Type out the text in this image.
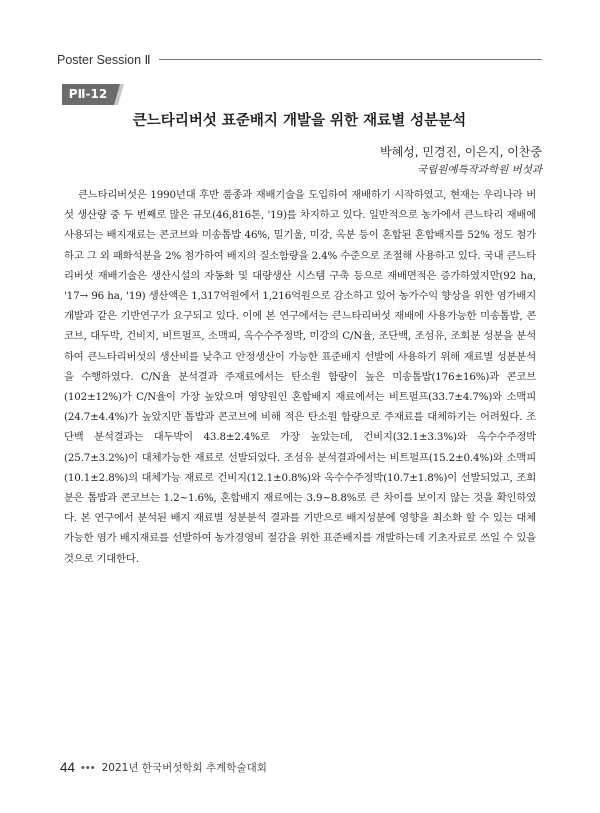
Poster Session Ⅱ
PⅡ-12
큰느타리버섯 표준배지 개발을 위한 재료별 성분분석
박혜성, 민경진, 이은지, 이찬중
국립원예특작과학원 버섯과

큰느타리버섯은 1990년대 후반 품종과 재배기술을 도입하여 재배하기 시작하였고, 현재는 우리나라 버섯 생산량 중 두 번째로 많은 규모(46,816톤, '19)를 차지하고 있다. 일반적으로 농가에서 큰느타리 재배에 사용되는 배지재료는 콘코브와 미송톱밥 46%, 밀기울, 미강, 옥분 등이 혼합된 혼합배지를 52% 정도 첨가하고 그 외 패화석분을 2% 첨가하여 배지의 질소함량을 2.4% 수준으로 조절해 사용하고 있다. 국내 큰느타리버섯 재배기술은 생산시설의 자동화 및 대량생산 시스템 구축 등으로 재배면적은 증가하였지만(92 ha, '17→ 96 ha, '19) 생산액은 1,317억원에서 1,216억원으로 감소하고 있어 농가수익 향상을 위한 염가배지개발과 같은 기반연구가 요구되고 있다. 이에 본 연구에서는 큰느타리버섯 재배에 사용가능한 미송톱밥, 콘코브, 대두박, 건비지, 비트펄프, 소맥피, 옥수수주정박, 미강의 C/N율, 조단백, 조섬유, 조회분 성분을 분석하여 큰느타리버섯의 생산비를 낮추고 안정생산이 가능한 표준배지 선발에 사용하기 위해 재료별 성분분석을 수행하였다. C/N율 분석결과 주재료에서는 탄소원 함량이 높은 미송톱밥(176±16%)과 콘코브(102±12%)가 C/N율이 가장 높았으며 영양원인 혼합배지 재료에서는 비트펄프(33.7±4.7%)와 소맥피(24.7±4.4%)가 높았지만 톱밥과 콘코브에 비해 적은 탄소원 함량으로 주재료를 대체하기는 어려웠다. 조단백 분석결과는 대두박이 43.8±2.4%로 가장 높았는데, 건비지(32.1±3.3%)와 옥수수주정박(25.7±3.2%)이 대체가능한 재료로 선발되었다. 조섬유 분석결과에서는 비트펄프(15.2±0.4%)와 소맥피(10.1±2.8%)의 대체가능 재료로 건비지(12.1±0.8%)와 옥수수주정박(10.7±1.8%)이 선발되었고, 조회분은 톱밥과 콘코브는 1.2~1.6%, 혼합배지 재료에는 3.9~8.8%로 큰 차이를 보이지 않는 것을 확인하였다. 본 연구에서 분석된 배지 재료별 성분분석 결과를 기반으로 배지성분에 영향을 최소화 할 수 있는 대체 가능한 염가 배지재료를 선발하여 농가경영비 절감을 위한 표준배지를 개발하는데 기초자료로 쓰일 수 있을 것으로 기대한다.

44 ••• 2021년 한국버섯학회 추계학술대회
